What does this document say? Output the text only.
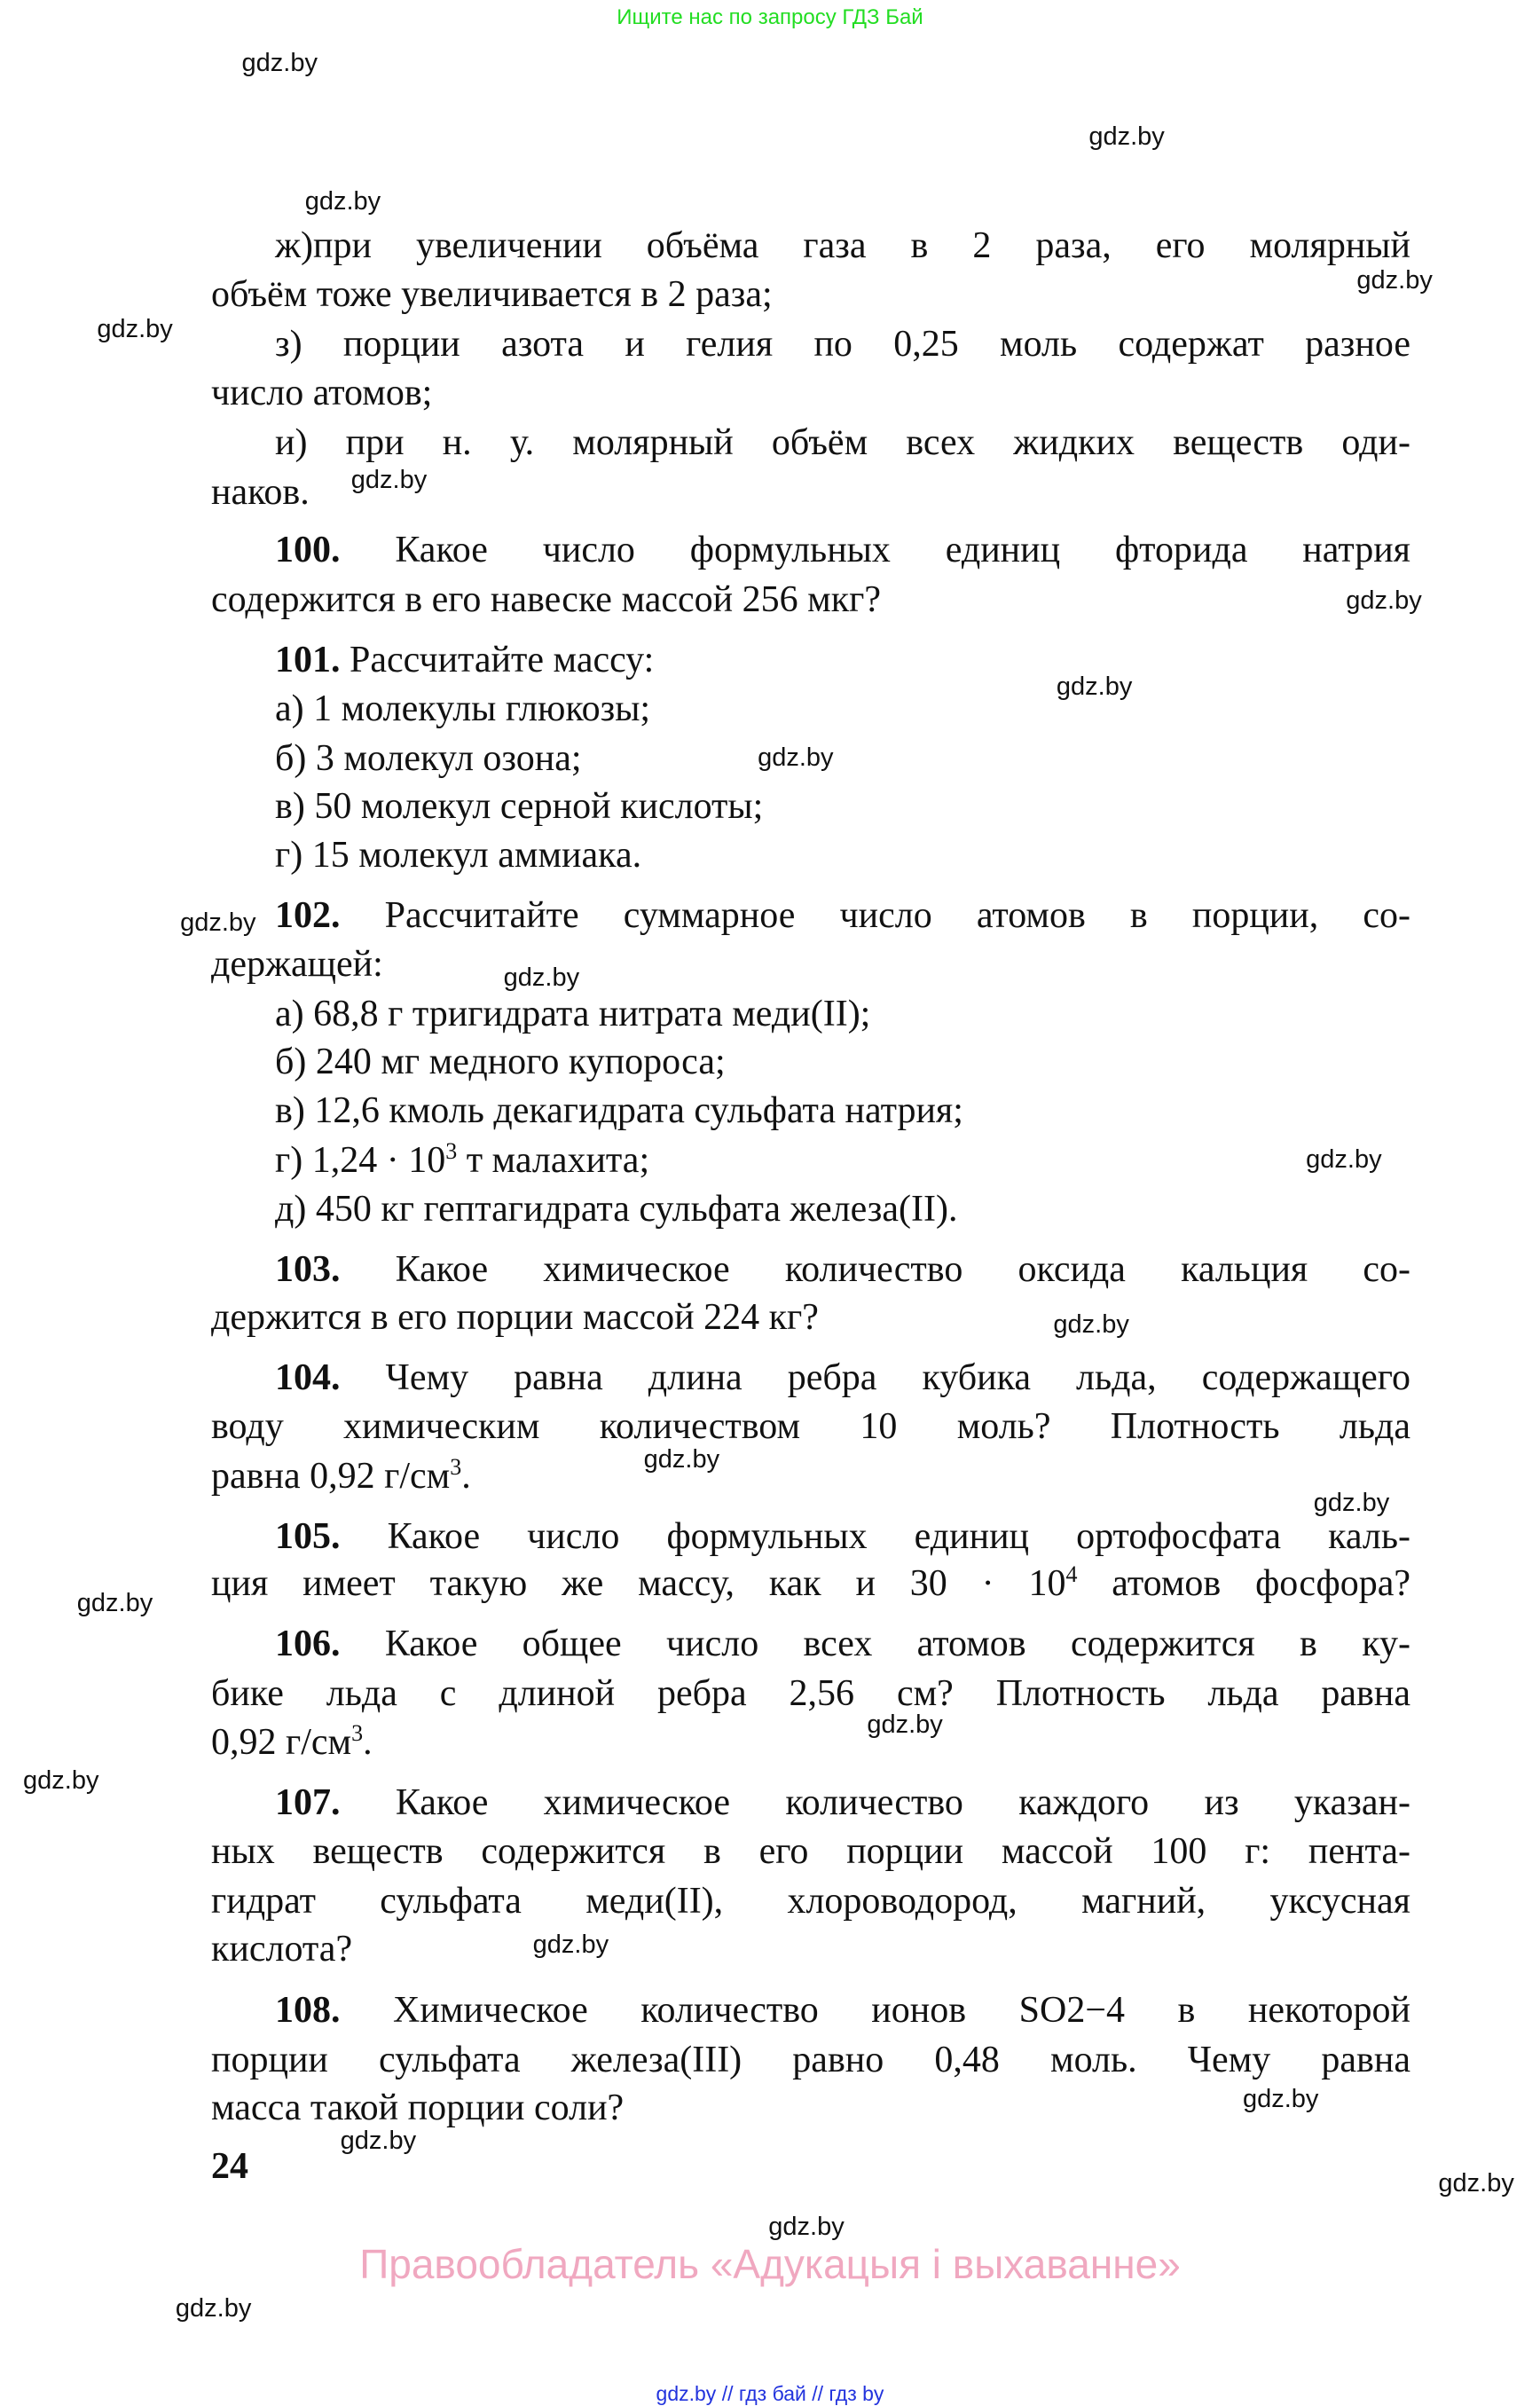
Ищите нас по запросу ГДЗ Бай
ж)при увеличении объёма газа в 2 раза, его молярный
объём тоже увеличивается в 2 раза;
з) порции азота и гелия по 0,25 моль содержат разное
число атомов;
и) при н. у. молярный объём всех жидких веществ оди-
наков.
100. Какое число формульных единиц фторида натрия
содержится в его навеске массой 256 мкг?
101. Рассчитайте массу:
а) 1 молекулы глюкозы;
б) 3 молекул озона;
в) 50 молекул серной кислоты;
г) 15 молекул аммиака.
102. Рассчитайте суммарное число атомов в порции, со-
держащей:
а) 68,8 г тригидрата нитрата меди(II);
б) 240 мг медного купороса;
в) 12,6 кмоль декагидрата сульфата натрия;
г) $1,24 \cdot 10^3$ т малахита;
д) 450 кг гептагидрата сульфата железа(II).
103. Какое химическое количество оксида кальция со-
держится в его порции массой 224 кг?
104. Чему равна длина ребра кубика льда, содержащего
воду химическим количеством 10 моль? Плотность льда
равна 0,92 $г/см^3$.
105. Какое число формульных единиц ортофосфата каль-
ция имеет такую же массу, как и $30 \cdot 10^4$ атомов фосфора?
106. Какое общее число всех атомов содержится в ку-
бике льда с длиной ребра 2,56 см? Плотность льда равна
0,92 $г/см^3$.
107. Какое химическое количество каждого из указан-
ных веществ содержится в его порции массой 100 г: пента-
гидрат сульфата меди(II), хлороводород, магний, уксусная
кислота?
108. Химическое количество ионов SO2−4 в некоторой
порции сульфата железа(III) равно 0,48 моль. Чему равна
масса такой порции соли?
gdz.by
gdz.by
gdz.by
gdz.by
gdz.by
gdz.by
gdz.by
gdz.by
gdz.by
gdz.by
gdz.by
gdz.by
gdz.by
gdz.by
gdz.by
gdz.by
gdz.by
gdz.by
gdz.by
gdz.by
gdz.by
gdz.by
gdz.by
gdz.by
24
Правообладатель «Адукацыя і выхаванне»
gdz.by // гдз бай // гдз by
